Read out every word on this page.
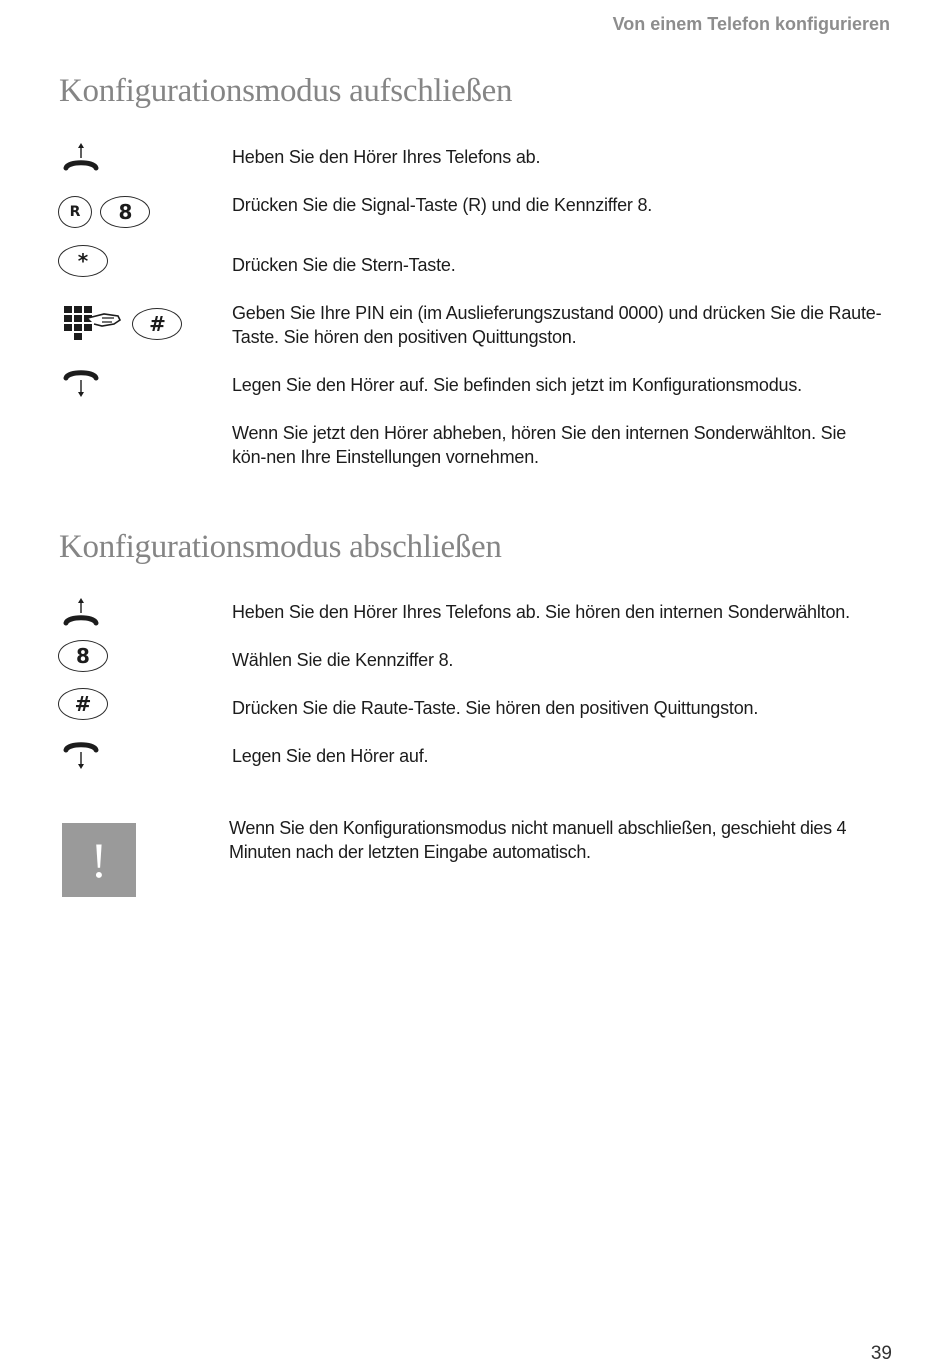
Von einem Telefon konfigurieren
Konfigurationsmodus aufschließen
Heben Sie den Hörer Ihres Telefons ab.
R 8	Drücken Sie die Signal-Taste (R) und die Kennziffer 8.
*	Drücken Sie die Stern-Taste.
#	Geben Sie Ihre PIN ein (im Auslieferungszustand 0000) und drücken Sie die Raute-Taste. Sie hören den positiven Quittungston.
Legen Sie den Hörer auf. Sie befinden sich jetzt im Konfigurationsmodus.
Wenn Sie jetzt den Hörer abheben, hören Sie den internen Sonderwählton. Sie kön-nen Ihre Einstellungen vornehmen.
Konfigurationsmodus abschließen
Heben Sie den Hörer Ihres Telefons ab. Sie hören den internen Sonderwählton.
8	Wählen Sie die Kennziffer 8.
#	Drücken Sie die Raute-Taste. Sie hören den positiven Quittungston.
Legen Sie den Hörer auf.
!
Wenn Sie den Konfigurationsmodus nicht manuell abschließen, geschieht dies 4 Minuten nach der letzten Eingabe automatisch.
39
